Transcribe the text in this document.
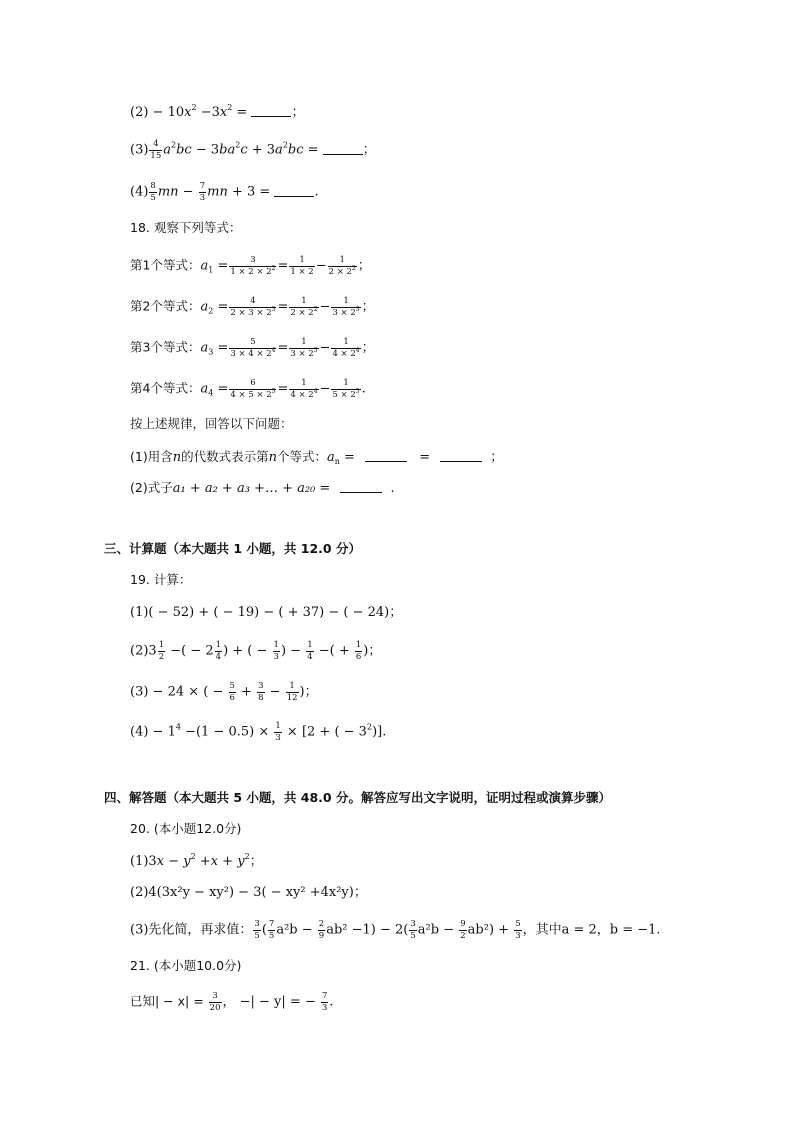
$(2) - 10x^2 -3x^2$ =	；
$(3) \frac{4}{15} a^2bc - 3ba^2c + 3a^2bc$ =	；
$(4) \frac{8}{5}$ mn − $\frac{7}{3}$ mn + 3 =	.
18. 观察下列等式：
第1个等式：$a_1 = \frac{3}{1 \times 2 \times 2^2} = \frac{1}{1 \times 2} - \frac{1}{2 \times 2^2}$ ；
第2个等式：$a_2 = \frac{4}{2 \times 3 \times 2^3} = \frac{1}{2 \times 2^2} - \frac{1}{3 \times 2^3}$ ；
第3个等式：$a_3 = \frac{5}{3 \times 4 \times 2^4} = \frac{1}{3 \times 2^3} - \frac{1}{4 \times 2^4}$ ；
第4个等式：$a_4 = \frac{6}{4 \times 5 \times 2^5} = \frac{1}{4 \times 2^4} - \frac{1}{5 \times 2^5}$ .
按上述规律，回答以下问题：
(1)用含n的代数式表示第n个等式：$a_n$ =	=	；
(2)式子a₁ + a₂ + a₃ +… + a₂₀ =	.
三、计算题（本大题共 1 小题，共 12.0 分）
19. 计算：
(1)( − 52) + ( − 19) − ( + 37) − ( − 24)；
$(2)3 \frac{1}{2}$ −( − $2 \frac{1}{4}$ ) + ( − $\frac{1}{3}$ ) − $\frac{1}{4}$ −( + $\frac{1}{6}$ )；
(3) − 24 × ( − $\frac{5}{6} + \frac{3}{8} - \frac{1}{12}$ )；
$(4) - 1^4 -(1 - 0.5) \times \frac{1}{3} \times [2$ + ( − $3^2$)].
四、解答题（本大题共 5 小题，共 48.0 分。解答应写出文字说明，证明过程或演算步骤）
20. (本小题12.0分)
$(1)3x - y^2 +x + y^2$；
(2)4(3x²y − xy²) − 3( − xy² +4x²y)；
(3)先化简，再求值： $\frac{3}{5}$ ( $\frac{7}{5} a^2b - \frac{2}{9} ab^2 -1) - 2( \frac{3}{5} a^2b - \frac{9}{2} ab^2) + \frac{5}{3}$ ，其中a = 2，b = −1.
21. (本小题10.0分)
已知| − $x| = \frac{3}{20}$ ， −| − y| = − $\frac{7}{3}$ .
